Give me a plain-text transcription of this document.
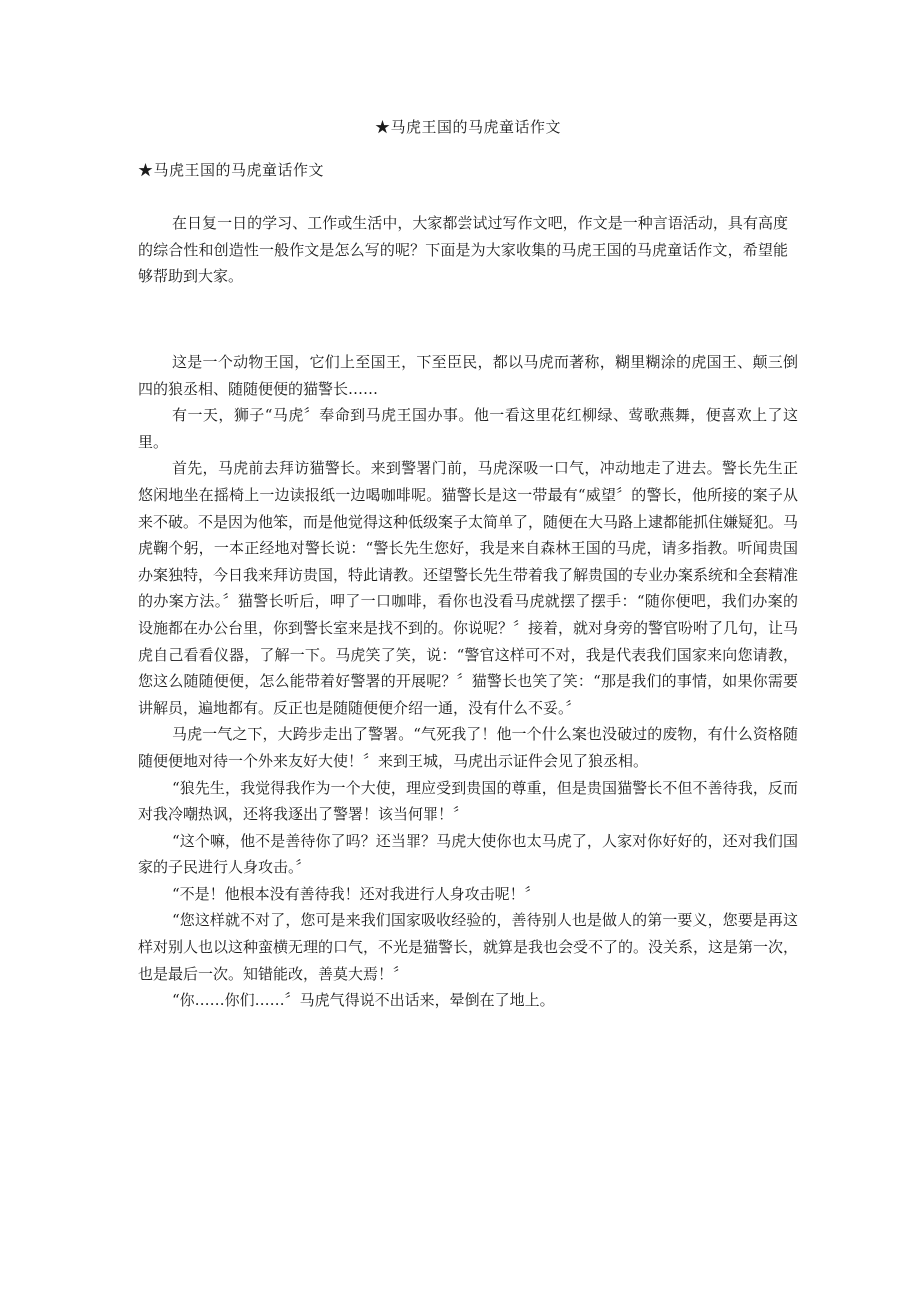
★马虎王国的马虎童话作文
★马虎王国的马虎童话作文

在日复一日的学习、工作或生活中，大家都尝试过写作文吧，作文是一种言语活动，具有高度的综合性和创造性一般作文是怎么写的呢？下面是为大家收集的马虎王国的马虎童话作文，希望能够帮助到大家。

这是一个动物王国，它们上至国王，下至臣民，都以马虎而著称，糊里糊涂的虎国王、颠三倒四的狼丞相、随随便便的猫警长……

有一天，狮子“马虎〞奉命到马虎王国办事。他一看这里花红柳绿、莺歌燕舞，便喜欢上了这里。

首先，马虎前去拜访猫警长。来到警署门前，马虎深吸一口气，冲动地走了进去。警长先生正悠闲地坐在摇椅上一边读报纸一边喝咖啡呢。猫警长是这一带最有“威望〞的警长，他所接的案子从来不破。不是因为他笨，而是他觉得这种低级案子太简单了，随便在大马路上逮都能抓住嫌疑犯。马虎鞠个躬，一本正经地对警长说：“警长先生您好，我是来自森林王国的马虎，请多指教。听闻贵国办案独特，今日我来拜访贵国，特此请教。还望警长先生带着我了解贵国的专业办案系统和全套精准的办案方法。〞猫警长听后，呷了一口咖啡，看你也没看马虎就摆了摆手：“随你便吧，我们办案的设施都在办公台里，你到警长室来是找不到的。你说呢？〞接着，就对身旁的警官吩咐了几句，让马虎自己看看仪器，了解一下。马虎笑了笑，说：“警官这样可不对，我是代表我们国家来向您请教，您这么随随便便，怎么能带着好警署的开展呢？〞猫警长也笑了笑：“那是我们的事情，如果你需要讲解员，遍地都有。反正也是随随便便介绍一通，没有什么不妥。〞

马虎一气之下，大跨步走出了警署。“气死我了！他一个什么案也没破过的废物，有什么资格随随便便地对待一个外来友好大使！〞来到王城，马虎出示证件会见了狼丞相。

“狼先生，我觉得我作为一个大使，理应受到贵国的尊重，但是贵国猫警长不但不善待我，反而对我冷嘲热讽，还将我逐出了警署！该当何罪！〞

“这个嘛，他不是善待你了吗？还当罪？马虎大使你也太马虎了，人家对你好好的，还对我们国家的子民进行人身攻击。〞

“不是！他根本没有善待我！还对我进行人身攻击呢！〞

“您这样就不对了，您可是来我们国家吸收经验的，善待别人也是做人的第一要义，您要是再这样对别人也以这种蛮横无理的口气，不光是猫警长，就算是我也会受不了的。没关系，这是第一次，也是最后一次。知错能改，善莫大焉！〞

“你……你们……〞马虎气得说不出话来，晕倒在了地上。
